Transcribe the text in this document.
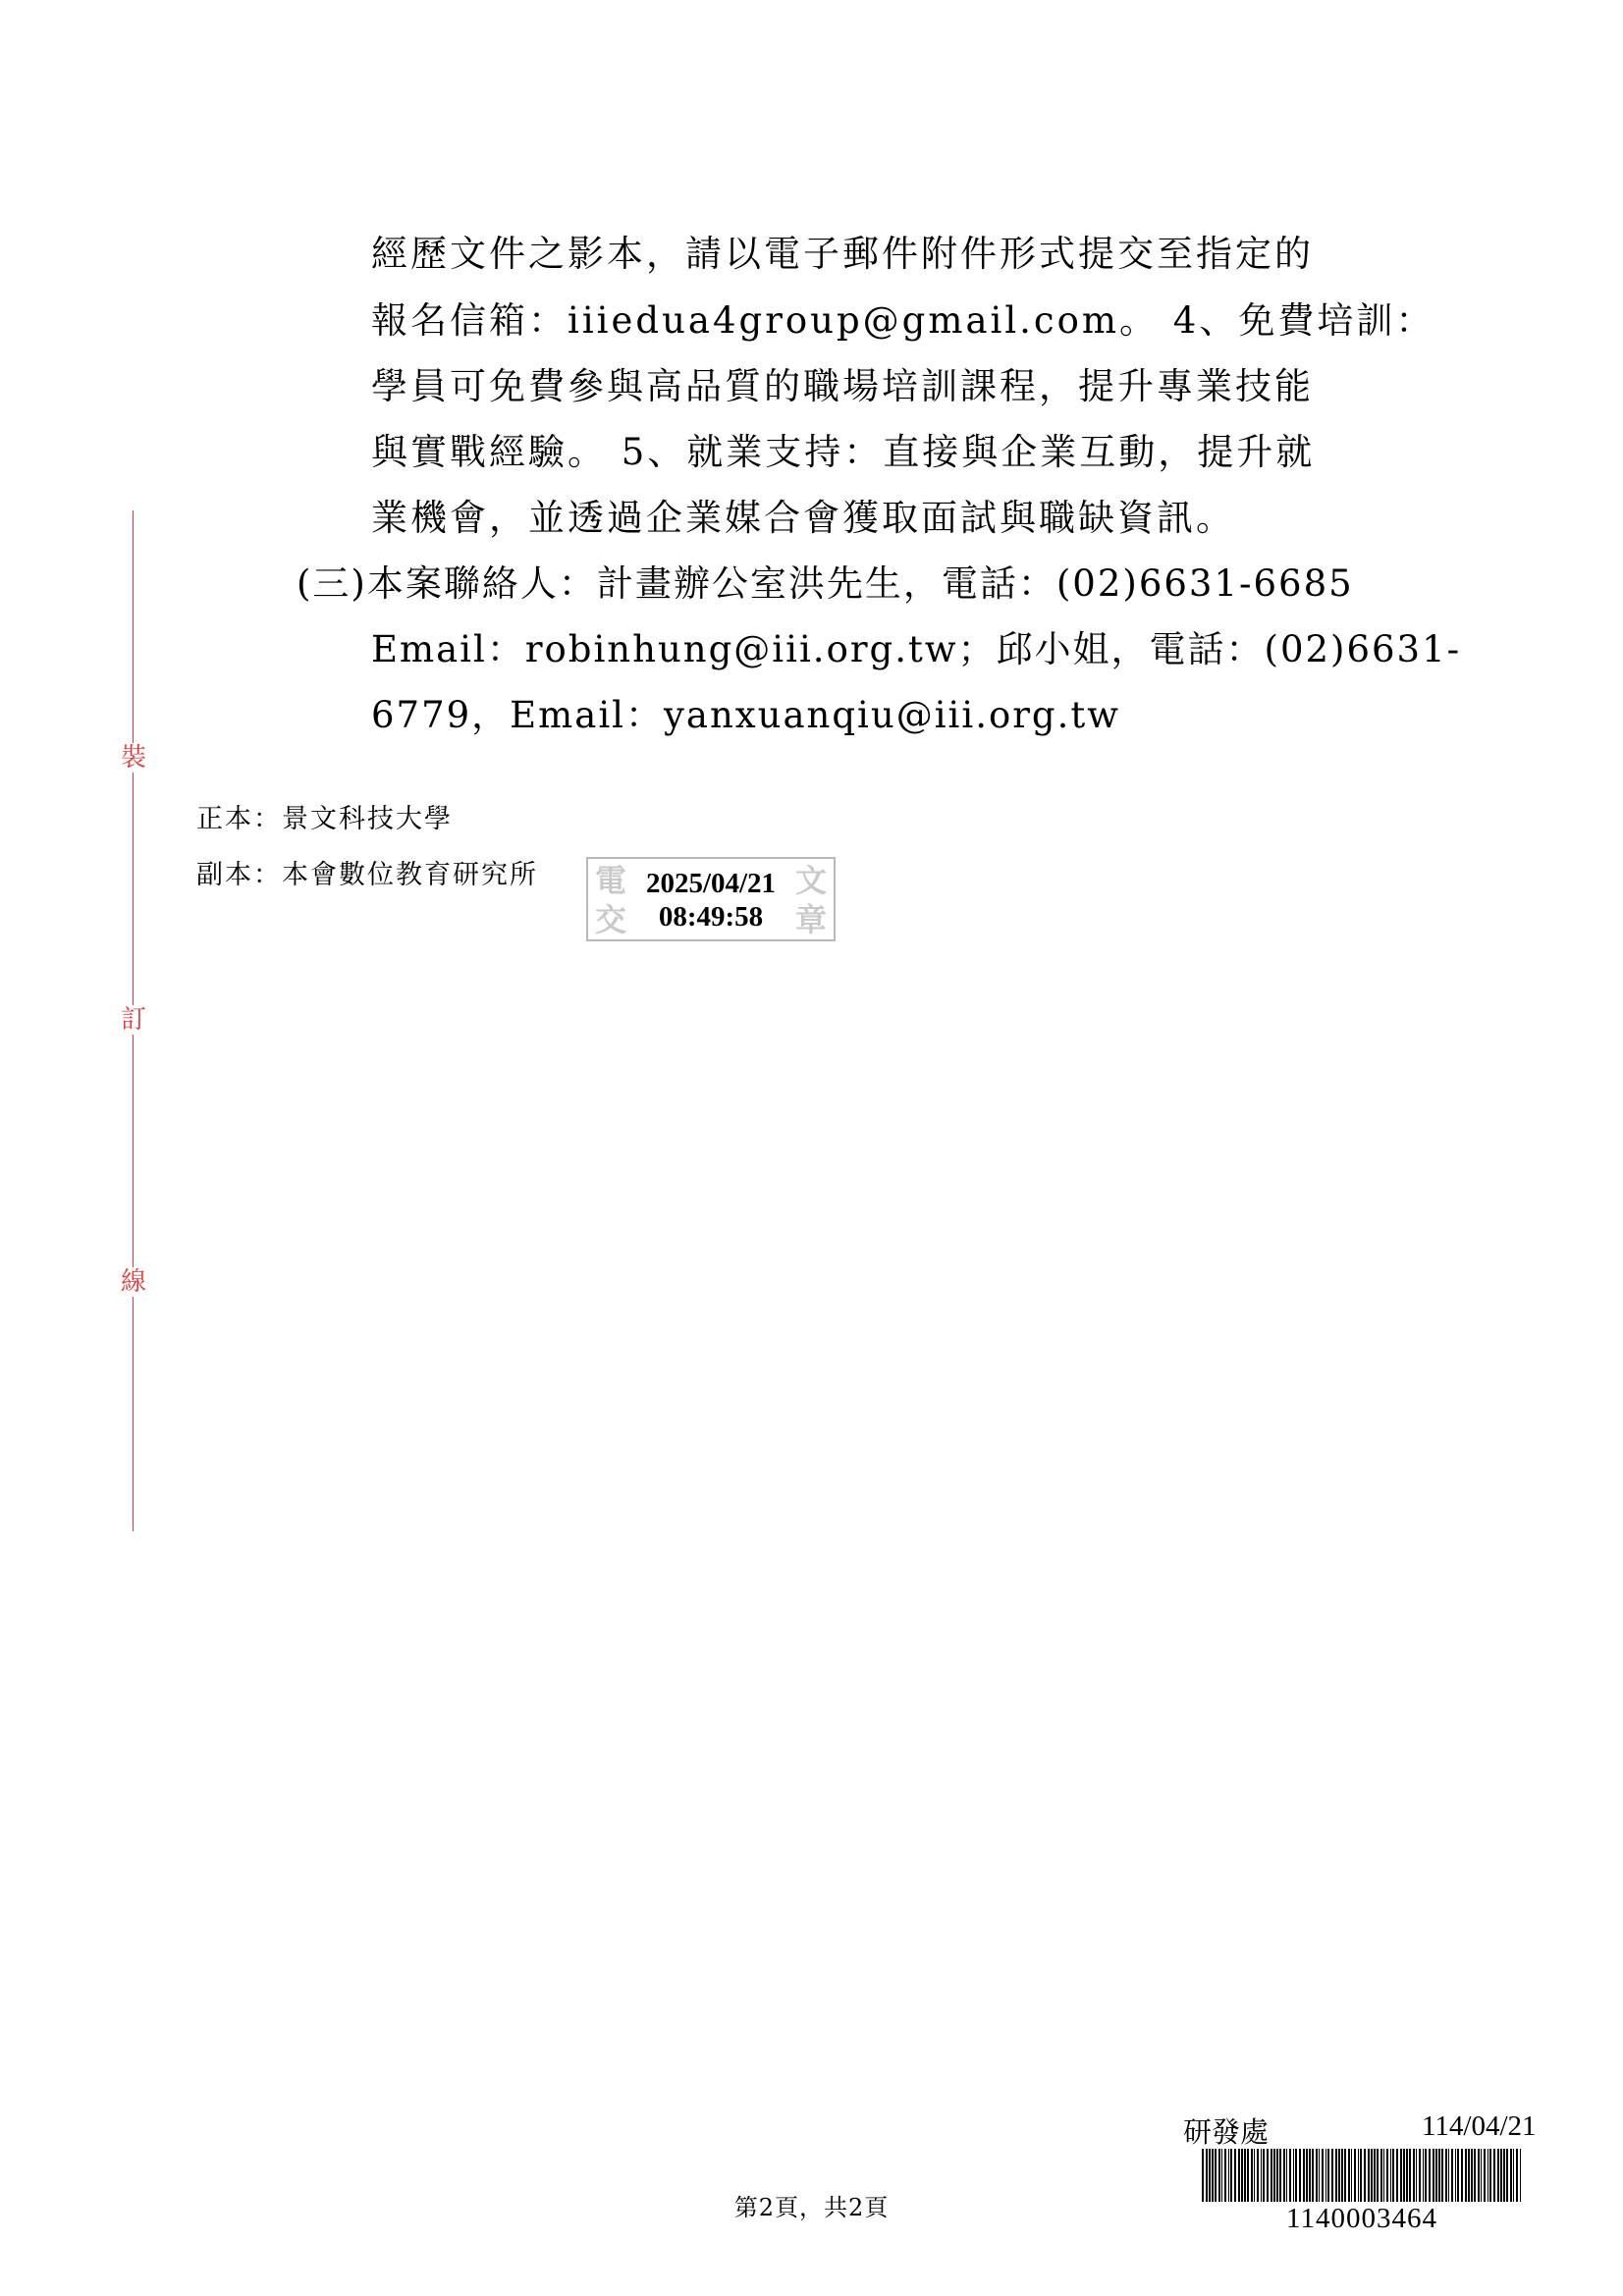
裝
訂
線
經歷文件之影本，請以電子郵件附件形式提交至指定的
報名信箱：iiiedua4group@gmail.com。 4、免費培訓：
學員可免費參與高品質的職場培訓課程，提升專業技能
與實戰經驗。 5、就業支持：直接與企業互動，提升就
業機會，並透過企業媒合會獲取面試與職缺資訊。
(三)本案聯絡人：計畫辦公室洪先生，電話：(02)6631-6685
Email：robinhung@iii.org.tw；邱小姐，電話：(02)6631-
6779，Email：yanxuanqiu@iii.org.tw
正本：景文科技大學
副本：本會數位教育研究所 電
交
文
章
2025/04/21
08:49:58
第2頁，共2頁
研發處	114/04/21
1140003464
